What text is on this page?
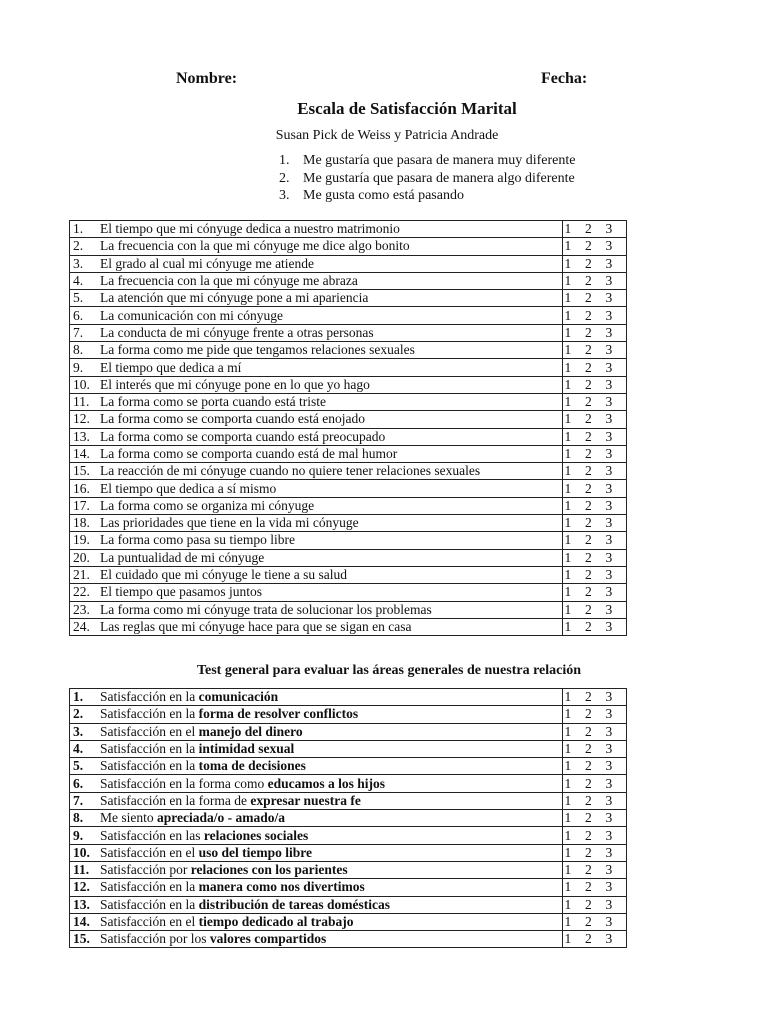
Nombre:	Fecha:
Escala de Satisfacción Marital
Susan Pick de Weiss y Patricia Andrade
1. Me gustaría que pasara de manera muy diferente
2. Me gustaría que pasara de manera algo diferente
3. Me gusta como está pasando
1. El tiempo que mi cónyuge dedica a nuestro matrimonio	1 2 3
2. La frecuencia con la que mi cónyuge me dice algo bonito	1 2 3
3. El grado al cual mi cónyuge me atiende	1 2 3
4. La frecuencia con la que mi cónyuge me abraza	1 2 3
5. La atención que mi cónyuge pone a mi apariencia	1 2 3
6. La comunicación con mi cónyuge	1 2 3
7. La conducta de mi cónyuge frente a otras personas	1 2 3
8. La forma como me pide que tengamos relaciones sexuales	1 2 3
9. El tiempo que dedica a mí	1 2 3
10. El interés que mi cónyuge pone en lo que yo hago	1 2 3
11. La forma como se porta cuando está triste	1 2 3
12. La forma como se comporta cuando está enojado	1 2 3
13. La forma como se comporta cuando está preocupado	1 2 3
14. La forma como se comporta cuando está de mal humor	1 2 3
15. La reacción de mi cónyuge cuando no quiere tener relaciones sexuales	1 2 3
16. El tiempo que dedica a sí mismo	1 2 3
17. La forma como se organiza mi cónyuge	1 2 3
18. Las prioridades que tiene en la vida mi cónyuge	1 2 3
19. La forma como pasa su tiempo libre	1 2 3
20. La puntualidad de mi cónyuge	1 2 3
21. El cuidado que mi cónyuge le tiene a su salud	1 2 3
22. El tiempo que pasamos juntos	1 2 3
23. La forma como mi cónyuge trata de solucionar los problemas	1 2 3
24. Las reglas que mi cónyuge hace para que se sigan en casa	1 2 3
Test general para evaluar las áreas generales de nuestra relación
1. Satisfacción en la comunicación	1 2 3
2. Satisfacción en la forma de resolver conflictos	1 2 3
3. Satisfacción en el manejo del dinero	1 2 3
4. Satisfacción en la intimidad sexual	1 2 3
5. Satisfacción en la toma de decisiones	1 2 3
6. Satisfacción en la forma como educamos a los hijos	1 2 3
7. Satisfacción en la forma de expresar nuestra fe	1 2 3
8. Me siento apreciada/o - amado/a	1 2 3
9. Satisfacción en las relaciones sociales	1 2 3
10. Satisfacción en el uso del tiempo libre	1 2 3
11. Satisfacción por relaciones con los parientes	1 2 3
12. Satisfacción en la manera como nos divertimos	1 2 3
13. Satisfacción en la distribución de tareas domésticas	1 2 3
14. Satisfacción en el tiempo dedicado al trabajo	1 2 3
15. Satisfacción por los valores compartidos	1 2 3
